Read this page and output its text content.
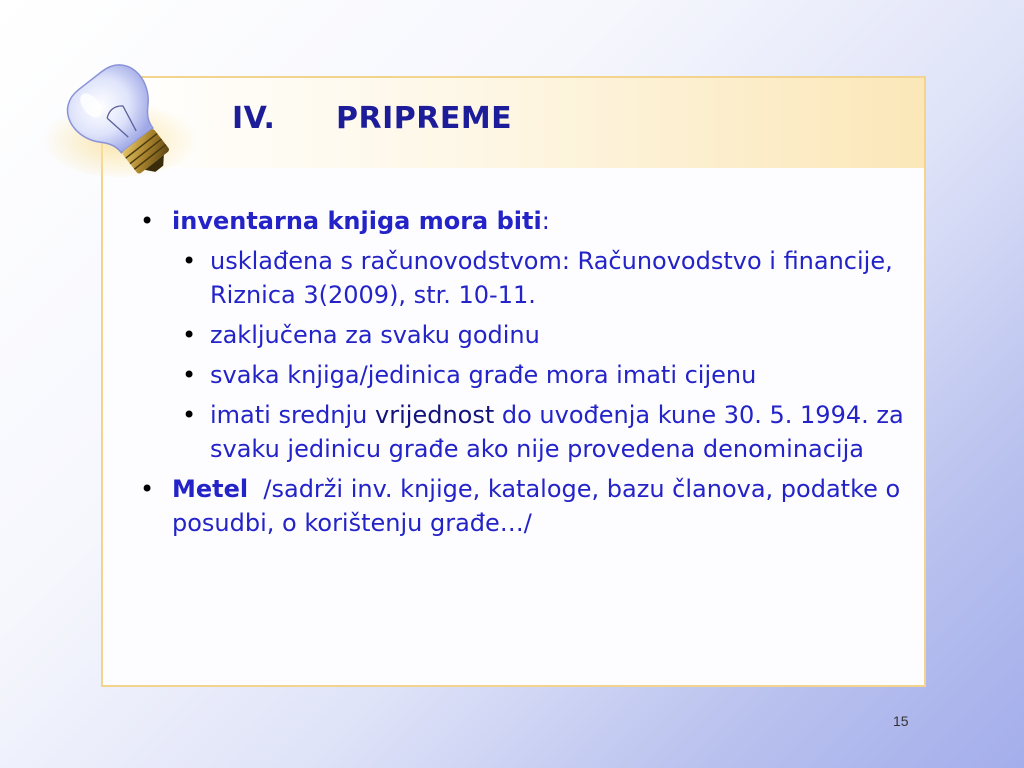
IV. PRIPREME
• inventarna knjiga mora biti:
• usklađena s računovodstvom: Računovodstvo i financije, Riznica 3(2009), str. 10-11.
• zaključena za svaku godinu
• svaka knjiga/jedinica građe mora imati cijenu
• imati srednju vrijednost do uvođenja kune 30. 5. 1994. za svaku jedinicu građe ako nije provedena denominacija
• Metel  /sadrži inv. knjige, kataloge, bazu članova, podatke o posudbi, o korištenju građe…/
15
